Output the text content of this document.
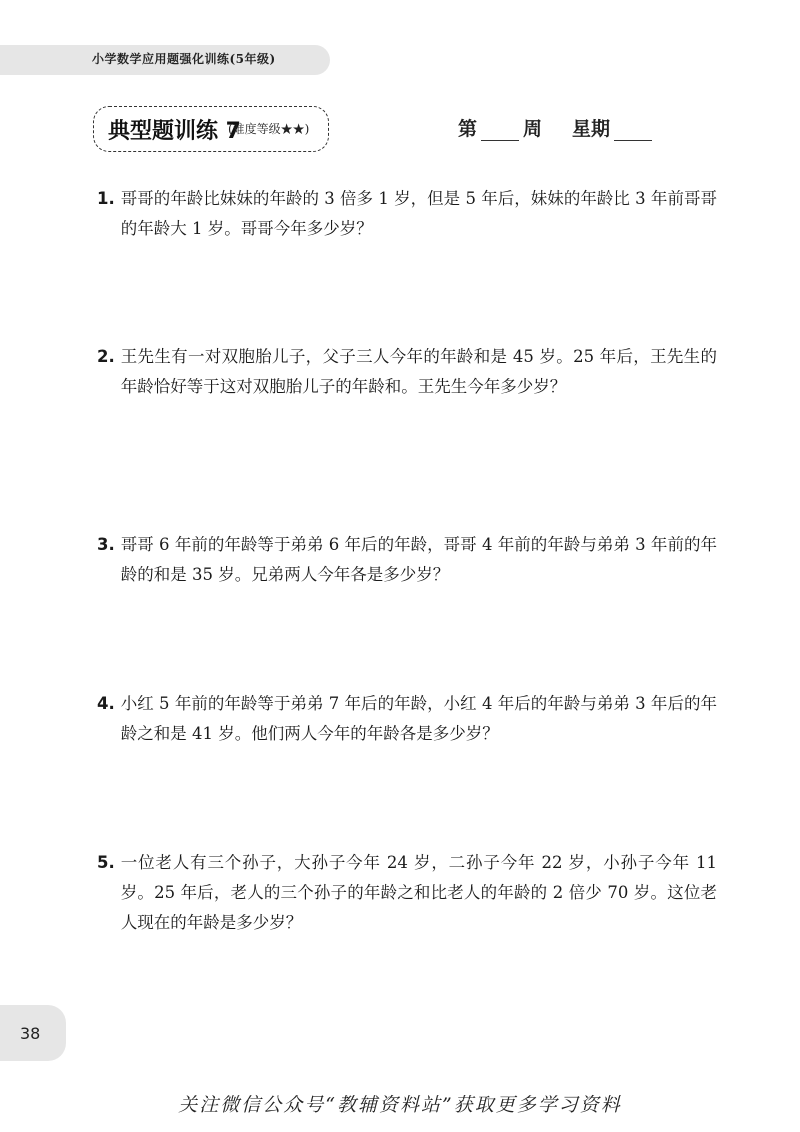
小学数学应用题强化训练(5年级)
典型题训练 7
(难度等级★★)	第 周 星期
1. 哥哥的年龄比妹妹的年龄的 3 倍多 1 岁，但是 5 年后，妹妹的年龄比 3 年前哥哥的年龄大 1 岁。哥哥今年多少岁？
2. 王先生有一对双胞胎儿子，父子三人今年的年龄和是 45 岁。25 年后，王先生的年龄恰好等于这对双胞胎儿子的年龄和。王先生今年多少岁？
3. 哥哥 6 年前的年龄等于弟弟 6 年后的年龄，哥哥 4 年前的年龄与弟弟 3 年前的年龄的和是 35 岁。兄弟两人今年各是多少岁？
4. 小红 5 年前的年龄等于弟弟 7 年后的年龄，小红 4 年后的年龄与弟弟 3 年后的年龄之和是 41 岁。他们两人今年的年龄各是多少岁？
5. 一位老人有三个孙子，大孙子今年 24 岁，二孙子今年 22 岁，小孙子今年 11 岁。25 年后，老人的三个孙子的年龄之和比老人的年龄的 2 倍少 70 岁。这位老人现在的年龄是多少岁？
38
关注微信公众号“教辅资料站”获取更多学习资料
